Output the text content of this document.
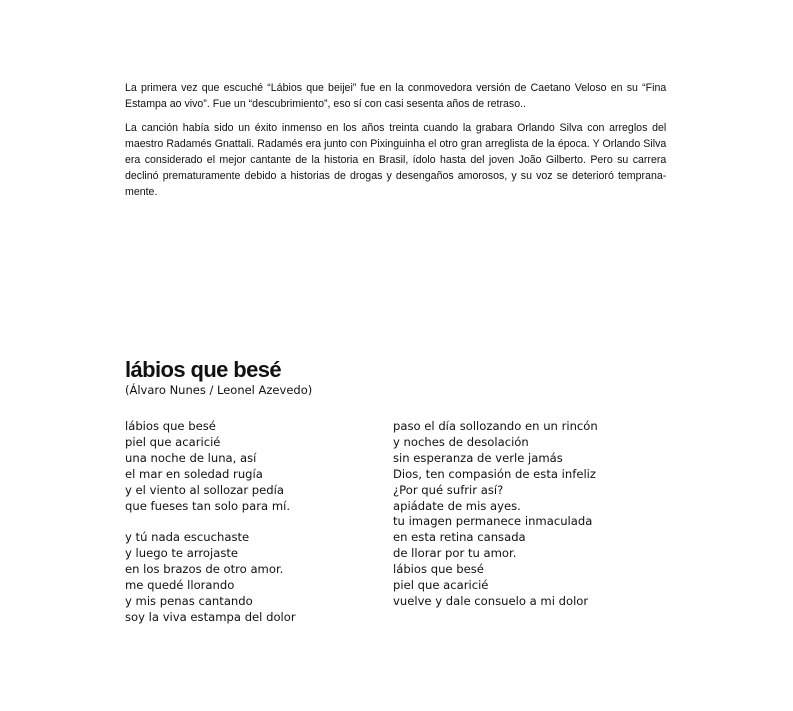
La primera vez que escuché “Lábios que beijei” fue en la conmovedora versión de Caetano Veloso en su “Fina Estampa ao vivo”. Fue un “descubrimiento”, eso sí con casi sesenta años de retraso..

La canción había sido un éxito inmenso en los años treinta cuando la grabara Orlando Silva con arreglos del maestro Radamés Gnattali. Radamés era junto con Pixinguinha el otro gran arreglista de la época. Y Orlando Silva era considerado el mejor cantante de la historia en Brasil, ídolo hasta del joven João Gilberto. Pero su carrera declinó prematuramente debido a historias de drogas y desengaños amorosos, y su voz se deterioró tempranamente.

lábios que besé
(Álvaro Nunes / Leonel Azevedo)
lábios que besé
piel que acaricié
una noche de luna, así
el mar en soledad rugía
y el viento al sollozar pedía
que fueses tan solo para mí.
y tú nada escuchaste
y luego te arrojaste
en los brazos de otro amor.
me quedé llorando
y mis penas cantando
soy la viva estampa del dolor
paso el día sollozando en un rincón
y noches de desolación
sin esperanza de verle jamás
Dios, ten compasión de esta infeliz
¿Por qué sufrir así?
apiádate de mis ayes.
tu imagen permanece inmaculada
en esta retina cansada
de llorar por tu amor.
lábios que besé
piel que acaricié
vuelve y dale consuelo a mi dolor
